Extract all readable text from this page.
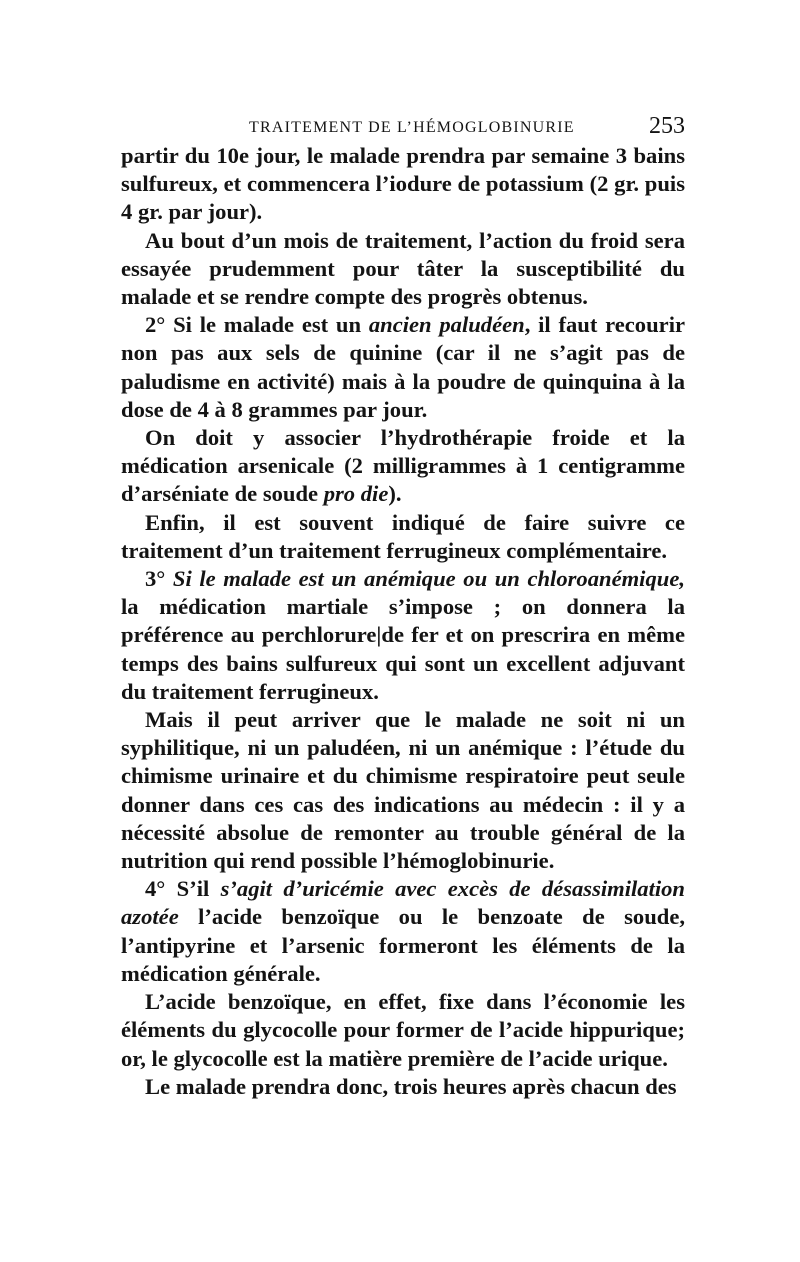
TRAITEMENT DE L’HÉMOGLOBINURIE	253

partir du 10e jour, le malade prendra par semaine 3 bains sulfureux, et commencera l’iodure de potassium (2 gr. puis 4 gr. par jour).

Au bout d’un mois de traitement, l’action du froid sera essayée prudemment pour tâter la susceptibilité du malade et se rendre compte des progrès obtenus.

2° Si le malade est un ancien paludéen, il faut recourir non pas aux sels de quinine (car il ne s’agit pas de paludisme en activité) mais à la poudre de quinquina à la dose de 4 à 8 grammes par jour.

On doit y associer l’hydrothérapie froide et la médication arsenicale (2 milligrammes à 1 centigramme d’arséniate de soude pro die).

Enfin, il est souvent indiqué de faire suivre ce traitement d’un traitement ferrugineux complémentaire.

3° Si le malade est un anémique ou un chloroanémique, la médication martiale s’impose ; on donnera la préférence au perchlorure|de fer et on prescrira en même temps des bains sulfureux qui sont un excellent adjuvant du traitement ferrugineux.

Mais il peut arriver que le malade ne soit ni un syphilitique, ni un paludéen, ni un anémique : l’étude du chimisme urinaire et du chimisme respiratoire peut seule donner dans ces cas des indications au médecin : il y a nécessité absolue de remonter au trouble général de la nutrition qui rend possible l’hémoglobinurie.

4° S’il s’agit d’uricémie avec excès de désassimilation azotée l’acide benzoïque ou le benzoate de soude, l’antipyrine et l’arsenic formeront les éléments de la médication générale.

L’acide benzoïque, en effet, fixe dans l’économie les éléments du glycocolle pour former de l’acide hippurique; or, le glycocolle est la matière première de l’acide urique.

Le malade prendra donc, trois heures après chacun des
